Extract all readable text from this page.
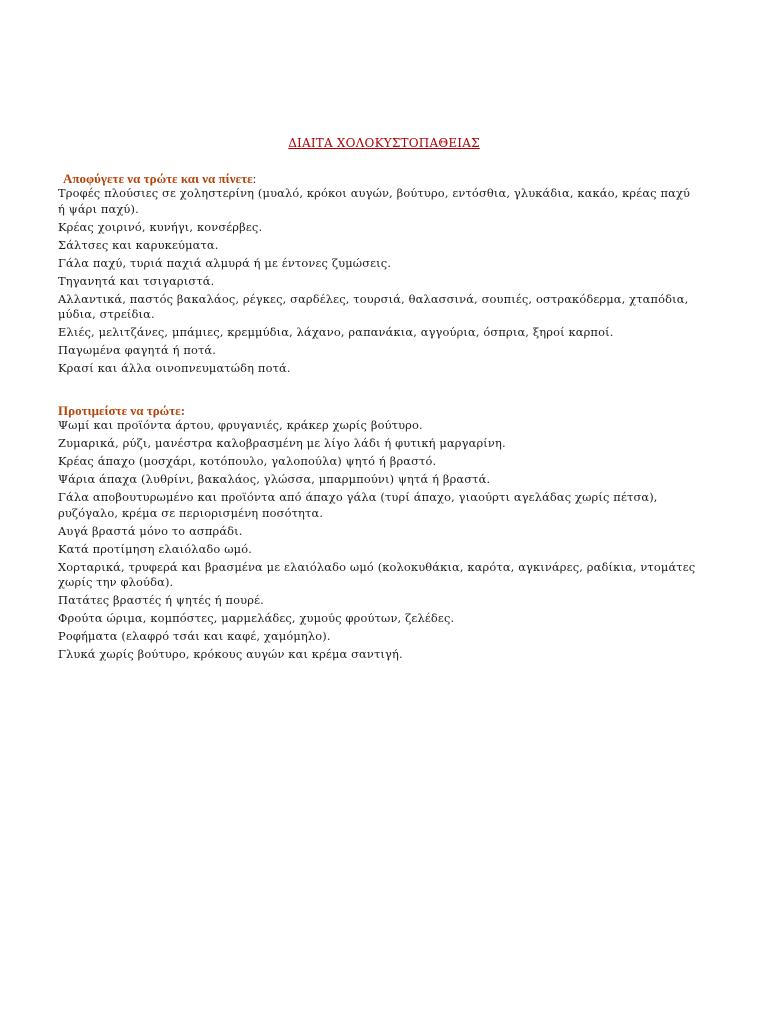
ΔΙΑΙΤΑ ΧΟΛΟΚΥΣΤΟΠΑΘΕΙΑΣ

Αποφύγετε να τρώτε και να πίνετε:

Τροφές πλούσιες σε χοληστερίνη (μυαλό, κρόκοι αυγών, βούτυρο, εντόσθια, γλυκάδια, κακάο, κρέας παχύ ή ψάρι παχύ).

Κρέας χοιρινό, κυνήγι, κονσέρβες.

Σάλτσες και καρυκεύματα.

Γάλα παχύ, τυριά παχιά αλμυρά ή με έντονες ζυμώσεις.

Τηγανητά και τσιγαριστά.

Αλλαντικά, παστός βακαλάος, ρέγκες, σαρδέλες, τουρσιά, θαλασσινά, σουπιές, οστρακόδερμα, χταπόδια, μύδια, στρείδια.

Ελιές, μελιτζάνες, μπάμιες, κρεμμύδια, λάχανο, ραπανάκια, αγγούρια, όσπρια, ξηροί καρποί.

Παγωμένα φαγητά ή ποτά.

Κρασί και άλλα οινοπνευματώδη ποτά.

Προτιμείστε να τρώτε:

Ψωμί και προϊόντα άρτου, φρυγανιές, κράκερ χωρίς βούτυρο.

Ζυμαρικά, ρύζι, μανέστρα καλοβρασμένη με λίγο λάδι ή φυτική μαργαρίνη.

Κρέας άπαχο (μοσχάρι, κοτόπουλο, γαλοπούλα) ψητό ή βραστό.

Ψάρια άπαχα (λυθρίνι, βακαλάος, γλώσσα, μπαρμπούνι) ψητά ή βραστά.

Γάλα αποβουτυρωμένο και προϊόντα από άπαχο γάλα (τυρί άπαχο, γιαούρτι αγελάδας χωρίς πέτσα), ρυζόγαλο, κρέμα σε περιορισμένη ποσότητα.

Αυγά βραστά μόνο το ασπράδι.

Κατά προτίμηση ελαιόλαδο ωμό.

Χορταρικά, τρυφερά και βρασμένα με ελαιόλαδο ωμό (κολοκυθάκια, καρότα, αγκινάρες, ραδίκια, ντομάτες χωρίς την φλούδα).

Πατάτες βραστές ή ψητές ή πουρέ.

Φρούτα ώριμα, κομπόστες, μαρμελάδες, χυμούς φρούτων, ζελέδες.

Ροφήματα (ελαφρό τσάι και καφέ, χαμόμηλο).

Γλυκά χωρίς βούτυρο, κρόκους αυγών και κρέμα σαντιγή.
